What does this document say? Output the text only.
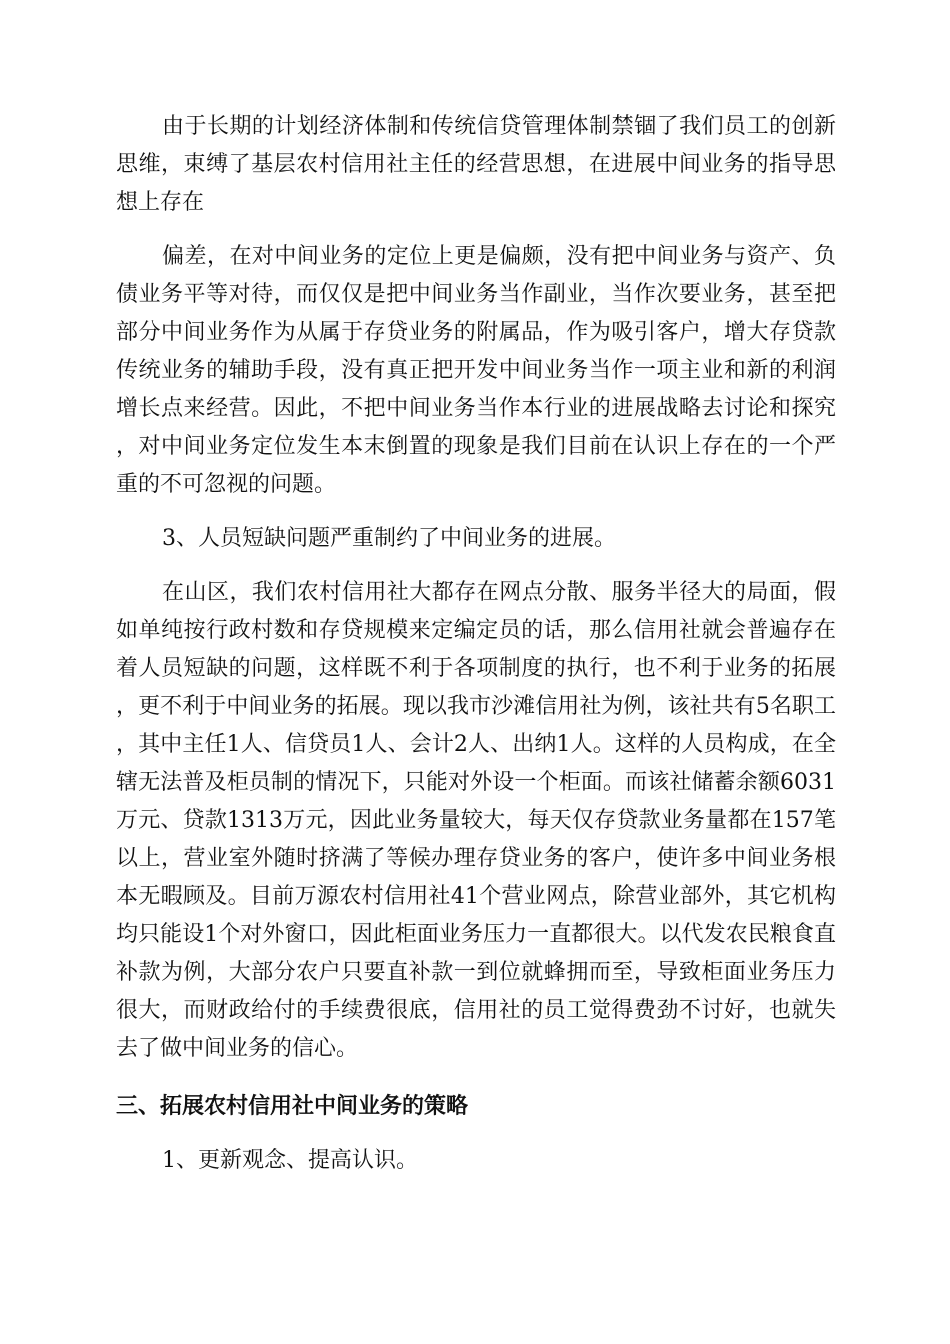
由于长期的计划经济体制和传统信贷管理体制禁锢了我们员工的创新思维，束缚了基层农村信用社主任的经营思想，在进展中间业务的指导思想上存在

偏差，在对中间业务的定位上更是偏颇，没有把中间业务与资产、负债业务平等对待，而仅仅是把中间业务当作副业，当作次要业务，甚至把部分中间业务作为从属于存贷业务的附属品，作为吸引客户，增大存贷款传统业务的辅助手段，没有真正把开发中间业务当作一项主业和新的利润增长点来经营。因此，不把中间业务当作本行业的进展战略去讨论和探究，对中间业务定位发生本末倒置的现象是我们目前在认识上存在的一个严重的不可忽视的问题。

3、人员短缺问题严重制约了中间业务的进展。

在山区，我们农村信用社大都存在网点分散、服务半径大的局面，假如单纯按行政村数和存贷规模来定编定员的话，那么信用社就会普遍存在着人员短缺的问题，这样既不利于各项制度的执行，也不利于业务的拓展，更不利于中间业务的拓展。现以我市沙滩信用社为例，该社共有5名职工，其中主任1人、信贷员1人、会计2人、出纳1人。这样的人员构成，在全辖无法普及柜员制的情况下，只能对外设一个柜面。而该社储蓄余额6031万元、贷款1313万元，因此业务量较大，每天仅存贷款业务量都在157笔以上，营业室外随时挤满了等候办理存贷业务的客户，使许多中间业务根本无暇顾及。目前万源农村信用社41个营业网点，除营业部外，其它机构均只能设1个对外窗口，因此柜面业务压力一直都很大。以代发农民粮食直补款为例，大部分农户只要直补款一到位就蜂拥而至，导致柜面业务压力很大，而财政给付的手续费很底，信用社的员工觉得费劲不讨好，也就失去了做中间业务的信心。

三、拓展农村信用社中间业务的策略

1、更新观念、提高认识。
